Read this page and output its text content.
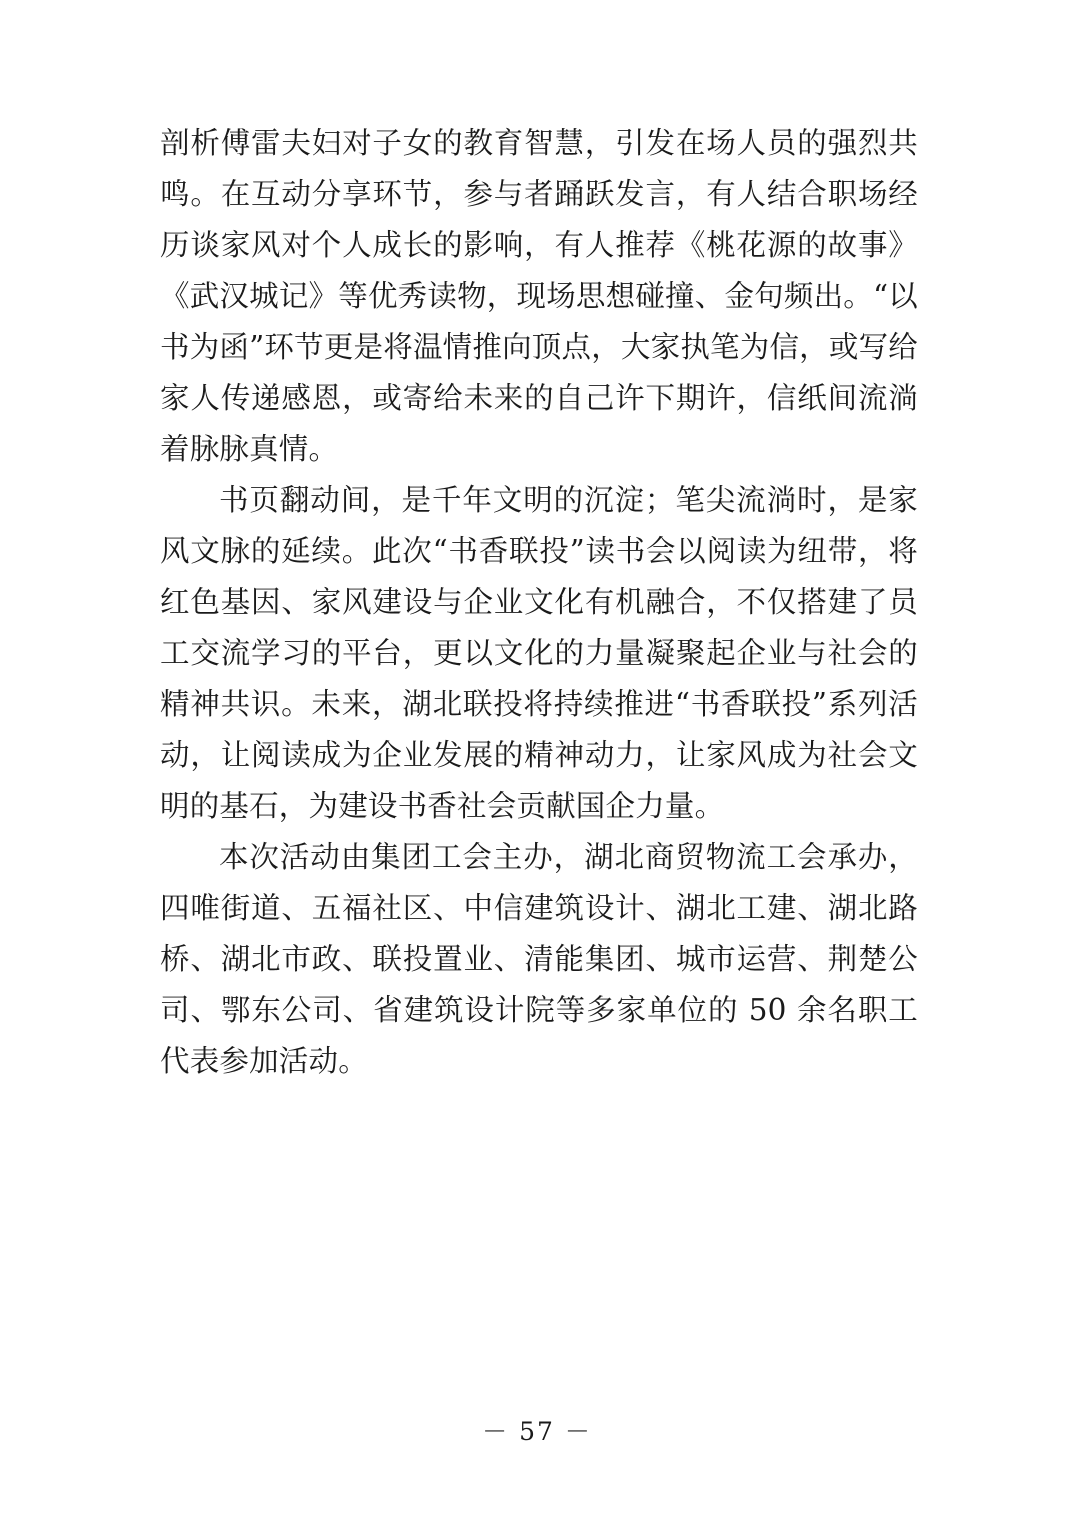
剖析傅雷夫妇对子女的教育智慧，引发在场人员的强烈共鸣。在互动分享环节，参与者踊跃发言，有人结合职场经历谈家风对个人成长的影响，有人推荐《桃花源的故事》《武汉城记》等优秀读物，现场思想碰撞、金句频出。“以书为函”环节更是将温情推向顶点，大家执笔为信，或写给家人传递感恩，或寄给未来的自己许下期许，信纸间流淌着脉脉真情。

书页翻动间，是千年文明的沉淀；笔尖流淌时，是家风文脉的延续。此次“书香联投”读书会以阅读为纽带，将红色基因、家风建设与企业文化有机融合，不仅搭建了员工交流学习的平台，更以文化的力量凝聚起企业与社会的精神共识。未来，湖北联投将持续推进“书香联投”系列活动，让阅读成为企业发展的精神动力，让家风成为社会文明的基石，为建设书香社会贡献国企力量。

本次活动由集团工会主办，湖北商贸物流工会承办，四唯街道、五福社区、中信建筑设计、湖北工建、湖北路桥、湖北市政、联投置业、清能集团、城市运营、荆楚公司、鄂东公司、省建筑设计院等多家单位的 50 余名职工代表参加活动。

－ 57 －
